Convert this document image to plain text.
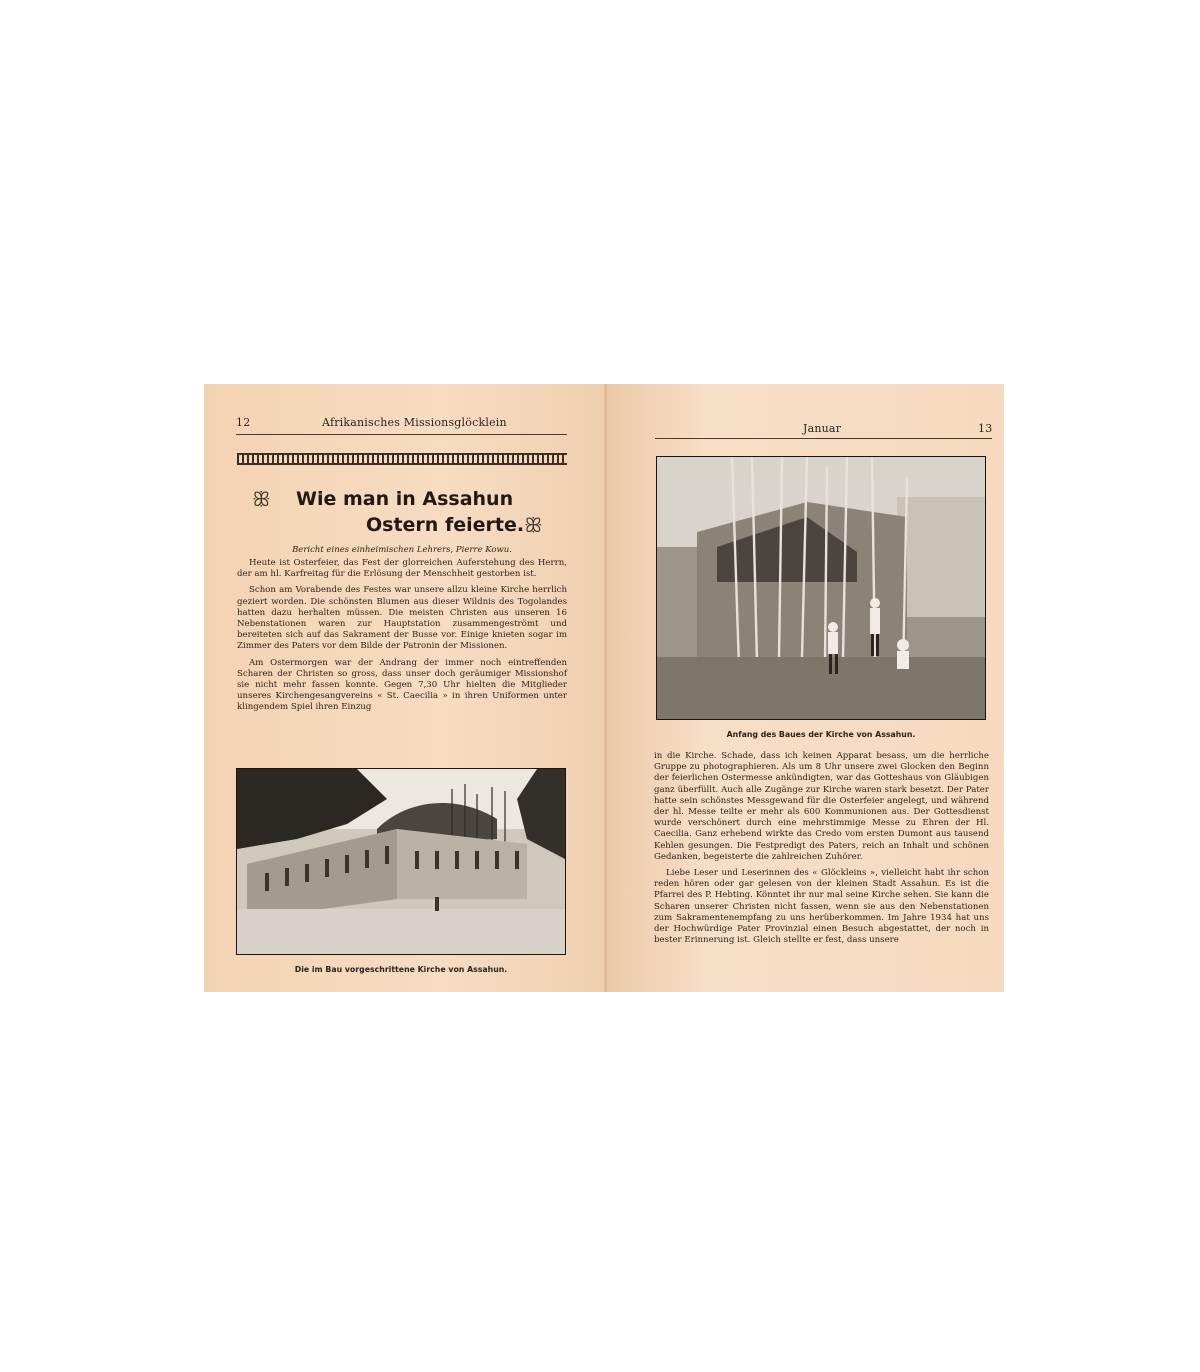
12	Afrikanisches Missionsglöcklein
ꕥ Wie man in Assahun
Ostern feierte. ꕥ
Bericht eines einheimischen Lehrers, Pierre Kowu.

Heute ist Osterfeier, das Fest der glorreichen Auferstehung des Herrn, der am hl. Karfreitag für die Erlösung der Menschheit gestorben ist.

Schon am Vorabende des Festes war unsere allzu kleine Kirche herrlich geziert worden. Die schönsten Blumen aus dieser Wildnis des Togolandes hatten dazu herhalten müssen. Die meisten Christen aus unseren 16 Nebenstationen waren zur Hauptstation zusammengeströmt und bereiteten sich auf das Sakrament der Busse vor. Einige knieten sogar im Zimmer des Paters vor dem Bilde der Patronin der Missionen.

Am Ostermorgen war der Andrang der immer noch eintreffenden Scharen der Christen so gross, dass unser doch geräumiger Missionshof sie nicht mehr fassen konnte. Gegen 7,30 Uhr hielten die Mitglieder unseres Kirchengesangvereins « St. Caecilia » in ihren Uniformen unter klingendem Spiel ihren Einzug

Die im Bau vorgeschrittene Kirche von Assahun.
Januar	13
Anfang des Baues der Kirche von Assahun.

in die Kirche. Schade, dass ich keinen Apparat besass, um die herrliche Gruppe zu photographieren. Als um 8 Uhr unsere zwei Glocken den Beginn der feierlichen Ostermesse ankündigten, war das Gotteshaus von Gläubigen ganz überfüllt. Auch alle Zugänge zur Kirche waren stark besetzt. Der Pater hatte sein schönstes Messgewand für die Osterfeier angelegt, und während der hl. Messe teilte er mehr als 600 Kommunionen aus. Der Gottesdienst wurde verschönert durch eine mehrstimmige Messe zu Ehren der Hl. Caecilia. Ganz erhebend wirkte das Credo vom ersten Dumont aus tausend Kehlen gesungen. Die Festpredigt des Paters, reich an Inhalt und schönen Gedanken, begeisterte die zahlreichen Zuhörer.

Liebe Leser und Leserinnen des « Glöckleins », vielleicht habt ihr schon reden hören oder gar gelesen von der kleinen Stadt Assahun. Es ist die Pfarrei des P. Hebting. Könntet ihr nur mal seine Kirche sehen. Sie kann die Scharen unserer Christen nicht fassen, wenn sie aus den Nebenstationen zum Sakramentenempfang zu uns herüberkommen. Im Jahre 1934 hat uns der Hochwürdige Pater Provinzial einen Besuch abgestattet, der noch in bester Erinnerung ist. Gleich stellte er fest, dass unsere
